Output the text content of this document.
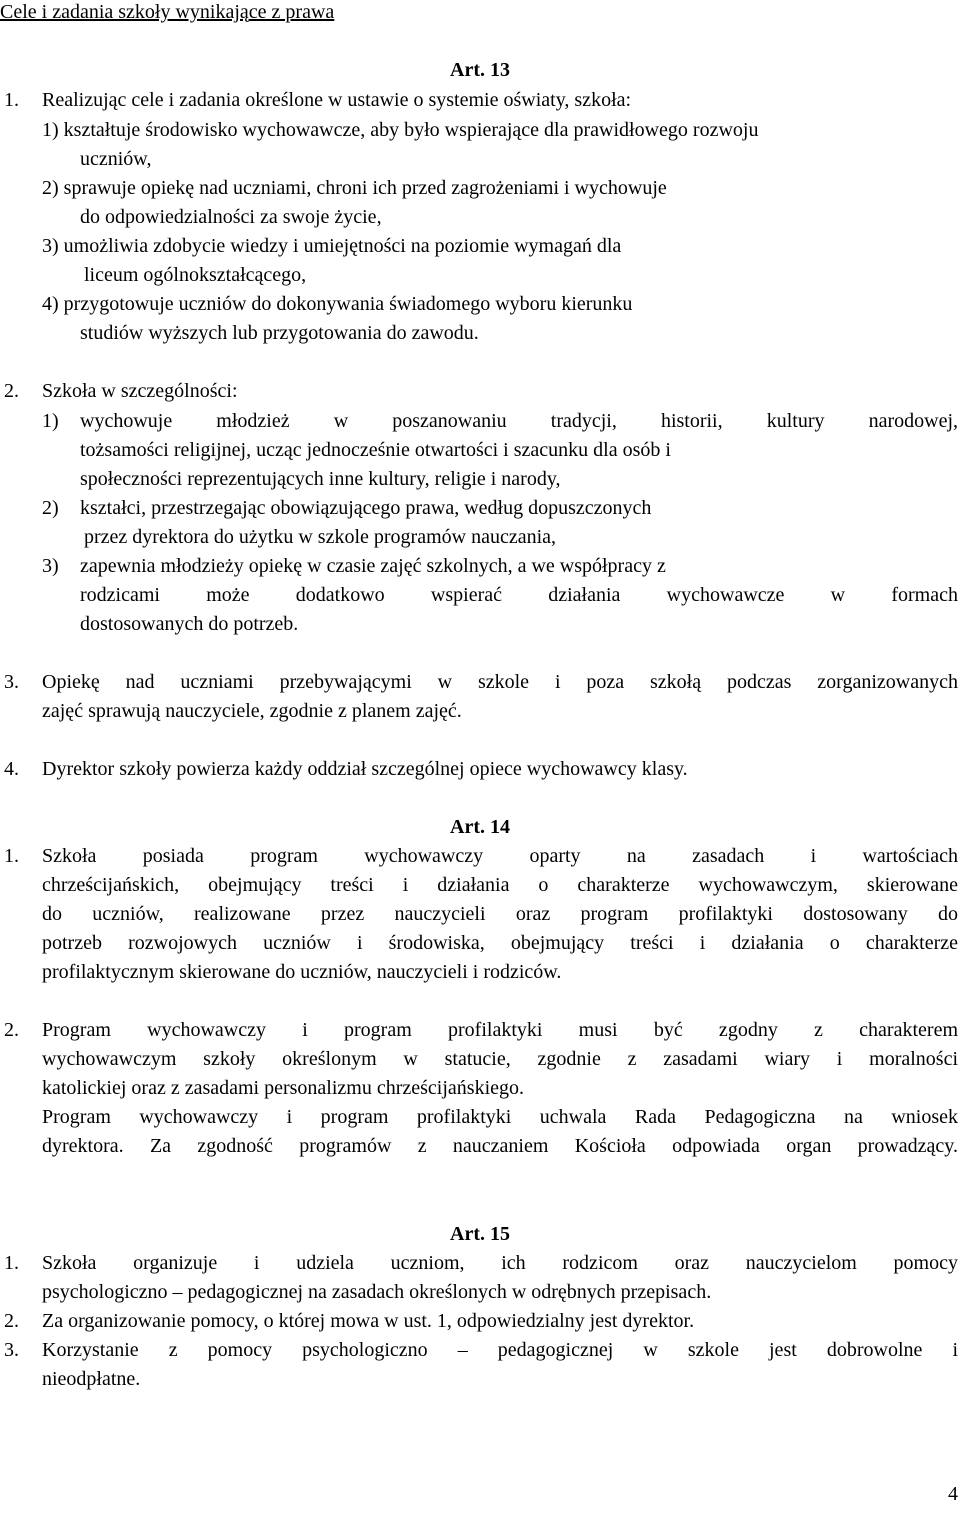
Cele i zadania szkoły wynikające z prawa
Art. 13
1. Realizując cele i zadania określone w ustawie o systemie oświaty, szkoła:
1) kształtuje środowisko wychowawcze, aby było wspierające dla prawidłowego rozwoju
uczniów,
2) sprawuje opiekę nad uczniami, chroni ich przed zagrożeniami i wychowuje
do odpowiedzialności za swoje życie,
3) umożliwia zdobycie wiedzy i umiejętności na poziomie wymagań dla
liceum ogólnokształcącego,
4) przygotowuje uczniów do dokonywania świadomego wyboru kierunku
studiów wyższych lub przygotowania do zawodu.
2. Szkoła w szczególności:
1) wychowuje młodzież w poszanowaniu tradycji, historii, kultury narodowej,
tożsamości religijnej, ucząc jednocześnie otwartości i szacunku dla osób i
społeczności reprezentujących inne kultury, religie i narody,
2) kształci, przestrzegając obowiązującego prawa, według dopuszczonych
przez dyrektora do użytku w szkole programów nauczania,
3) zapewnia młodzieży opiekę w czasie zajęć szkolnych, a we współpracy z
rodzicami może dodatkowo wspierać działania wychowawcze w formach
dostosowanych do potrzeb.
3. Opiekę nad uczniami przebywającymi w szkole i poza szkołą podczas zorganizowanych
zajęć sprawują nauczyciele, zgodnie z planem zajęć.
4. Dyrektor szkoły powierza każdy oddział szczególnej opiece wychowawcy klasy.
Art. 14
1. Szkoła posiada program wychowawczy oparty na zasadach i wartościach
chrześcijańskich, obejmujący treści i działania o charakterze wychowawczym, skierowane
do uczniów, realizowane przez nauczycieli oraz program profilaktyki dostosowany do
potrzeb rozwojowych uczniów i środowiska, obejmujący treści i działania o charakterze
profilaktycznym skierowane do uczniów, nauczycieli i rodziców.
2. Program wychowawczy i program profilaktyki musi być zgodny z charakterem
wychowawczym szkoły określonym w statucie, zgodnie z zasadami wiary i moralności
katolickiej oraz z zasadami personalizmu chrześcijańskiego.
Program wychowawczy i program profilaktyki uchwala Rada Pedagogiczna na wniosek
dyrektora. Za zgodność programów z nauczaniem Kościoła odpowiada organ prowadzący.
Art. 15
1. Szkoła organizuje i udziela uczniom, ich rodzicom oraz nauczycielom pomocy
psychologiczno – pedagogicznej na zasadach określonych w odrębnych przepisach.
2. Za organizowanie pomocy, o której mowa w ust. 1, odpowiedzialny jest dyrektor.
3. Korzystanie z pomocy psychologiczno – pedagogicznej w szkole jest dobrowolne i
nieodpłatne.
4
